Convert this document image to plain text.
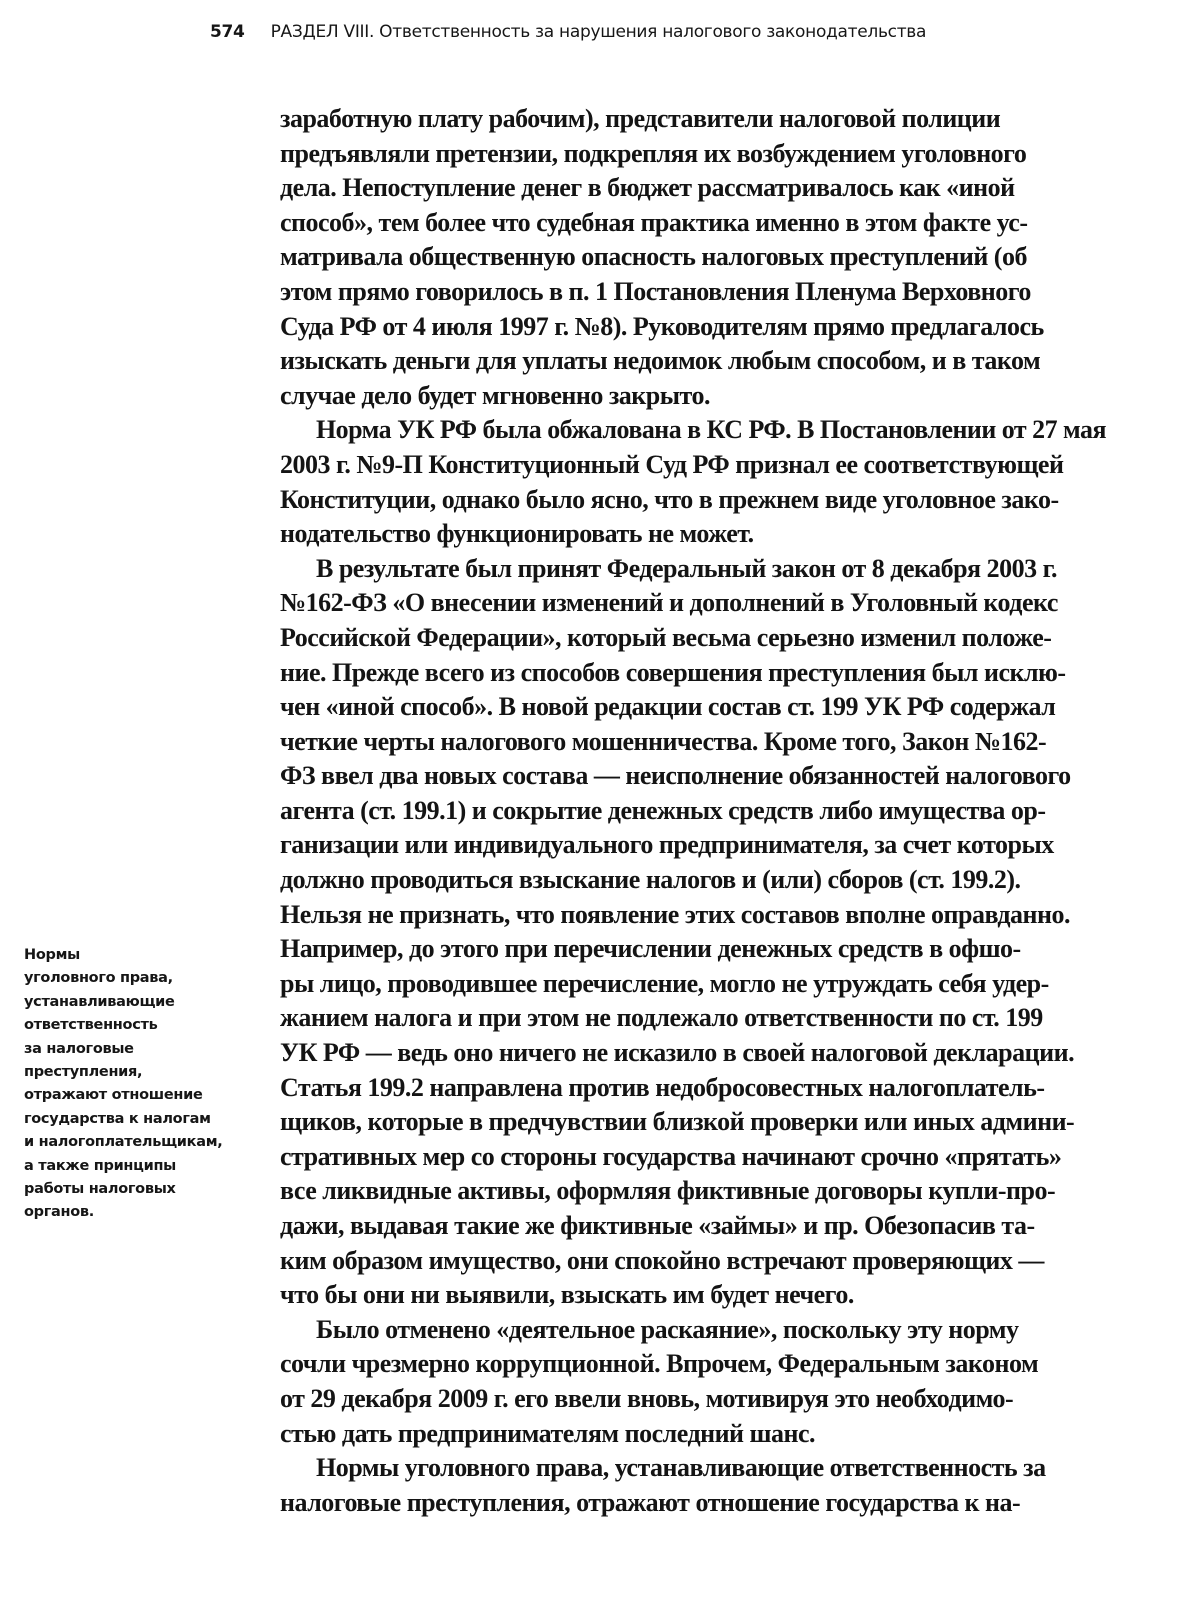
574 РАЗДЕЛ VIII. Ответственность за нарушения налогового законодательства
Нормы
уголовного права,
устанавливающие
ответственность
за налоговые
преступления,
отражают отношение
государства к налогам
и налогоплательщикам,
а также принципы
работы налоговых
органов.
заработную плату рабочим), представители налоговой полиции
предъявляли претензии, подкрепляя их возбуждением уголовного
дела. Непоступление денег в бюджет рассматривалось как «иной
способ», тем более что судебная практика именно в этом факте ус-
матривала общественную опасность налоговых преступлений (об
этом прямо говорилось в п. 1 Постановления Пленума Верховного
Суда РФ от 4 июля 1997 г. №8). Руководителям прямо предлагалось
изыскать деньги для уплаты недоимок любым способом, и в таком
случае дело будет мгновенно закрыто.
Норма УК РФ была обжалована в КС РФ. В Постановлении от 27 мая
2003 г. №9-П Конституционный Суд РФ признал ее соответствующей
Конституции, однако было ясно, что в прежнем виде уголовное зако-
нодательство функционировать не может.
В результате был принят Федеральный закон от 8 декабря 2003 г.
№162-ФЗ «О внесении изменений и дополнений в Уголовный кодекс
Российской Федерации», который весьма серьезно изменил положе-
ние. Прежде всего из способов совершения преступления был исклю-
чен «иной способ». В новой редакции состав ст. 199 УК РФ содержал
четкие черты налогового мошенничества. Кроме того, Закон №162-
ФЗ ввел два новых состава — неисполнение обязанностей налогового
агента (ст. 199.1) и сокрытие денежных средств либо имущества ор-
ганизации или индивидуального предпринимателя, за счет которых
должно проводиться взыскание налогов и (или) сборов (ст. 199.2).
Нельзя не признать, что появление этих составов вполне оправданно.
Например, до этого при перечислении денежных средств в офшо-
ры лицо, проводившее перечисление, могло не утруждать себя удер-
жанием налога и при этом не подлежало ответственности по ст. 199
УК РФ — ведь оно ничего не исказило в своей налоговой декларации.
Статья 199.2 направлена против недобросовестных налогоплатель-
щиков, которые в предчувствии близкой проверки или иных админи-
стративных мер со стороны государства начинают срочно «прятать»
все ликвидные активы, оформляя фиктивные договоры купли-про-
дажи, выдавая такие же фиктивные «займы» и пр. Обезопасив та-
ким образом имущество, они спокойно встречают проверяющих —
что бы они ни выявили, взыскать им будет нечего.
Было отменено «деятельное раскаяние», поскольку эту норму
сочли чрезмерно коррупционной. Впрочем, Федеральным законом
от 29 декабря 2009 г. его ввели вновь, мотивируя это необходимо-
стью дать предпринимателям последний шанс.
Нормы уголовного права, устанавливающие ответственность за
налоговые преступления, отражают отношение государства к на-
